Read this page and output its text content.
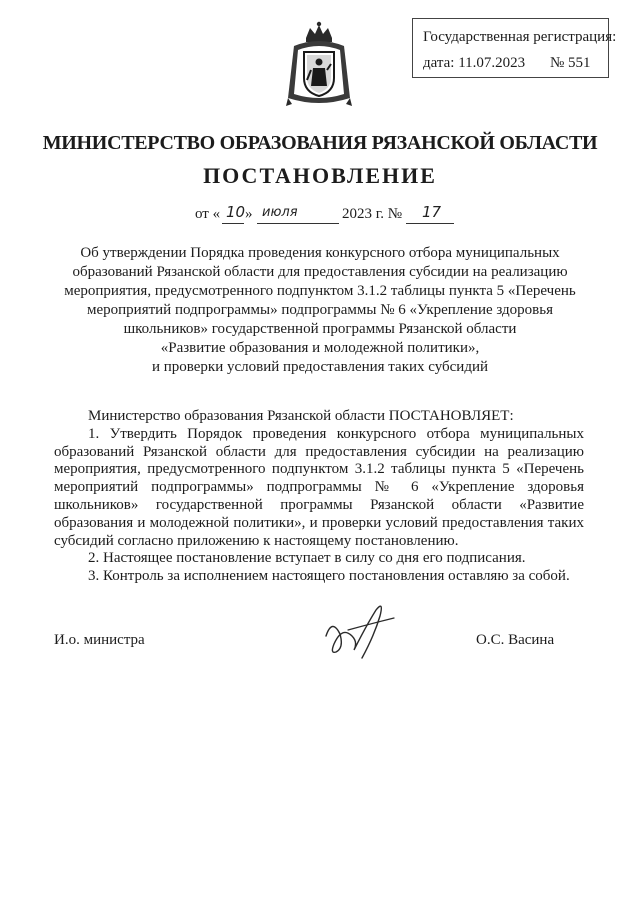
Государственная регистрация:
дата: 11.07.2023 № 551
МИНИСТЕРСТВО ОБРАЗОВАНИЯ РЯЗАНСКОЙ ОБЛАСТИ
ПОСТАНОВЛЕНИЕ
от « 10 » июля	2023 г. № 17
Об утверждении Порядка проведения конкурсного отбора муниципальных
образований Рязанской области для предоставления субсидии на реализацию
мероприятия, предусмотренного подпунктом 3.1.2 таблицы пункта 5 «Перечень
мероприятий подпрограммы» подпрограммы № 6 «Укрепление здоровья
школьников» государственной программы Рязанской области
«Развитие образования и молодежной политики»,
и проверки условий предоставления таких субсидий
Министерство образования Рязанской области ПОСТАНОВЛЯЕТ:
1. Утвердить Порядок проведения конкурсного отбора муниципальных
образований Рязанской области для предоставления субсидии на реализацию
мероприятия, предусмотренного подпунктом 3.1.2 таблицы пункта 5 «Перечень
мероприятий подпрограммы» подпрограммы № 6 «Укрепление здоровья
школьников» государственной программы Рязанской области «Развитие
образования и молодежной политики», и проверки условий предоставления таких
субсидий согласно приложению к настоящему постановлению.
2. Настоящее постановление вступает в силу со дня его подписания.
3. Контроль за исполнением настоящего постановления оставляю за собой.
И.о. министра	О.С. Васина
